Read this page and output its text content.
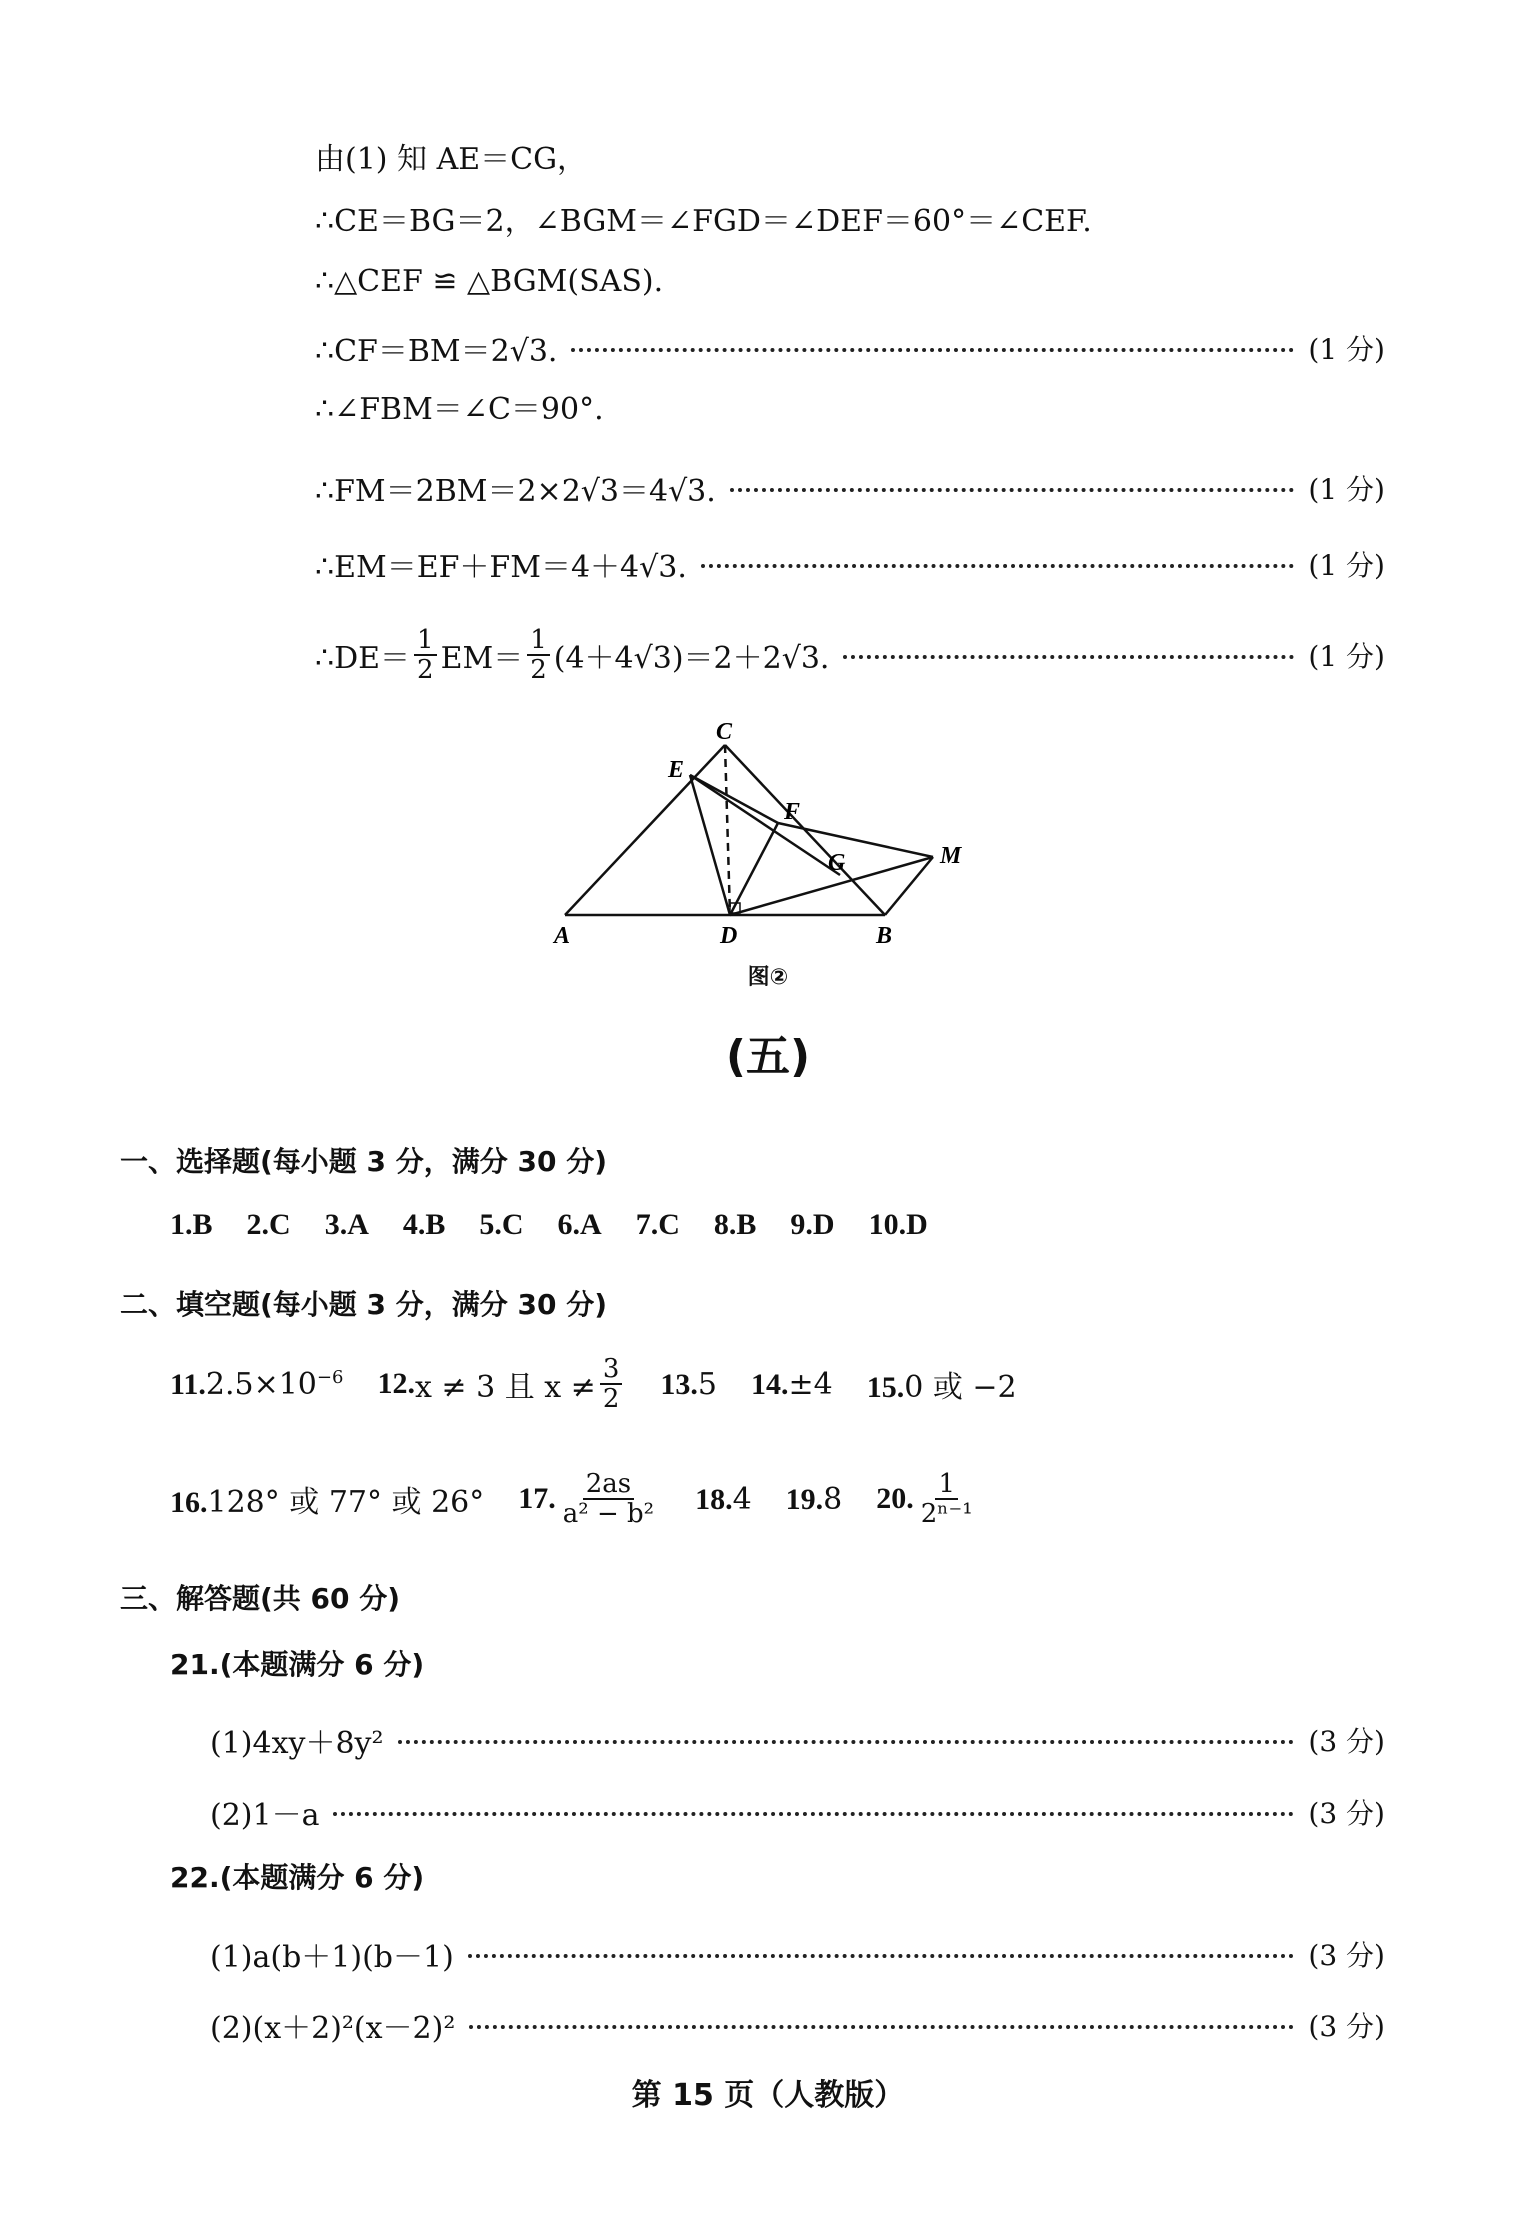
由(1) 知 AE＝CG，
∴CE＝BG＝2，∠BGM＝∠FGD＝∠DEF＝60°＝∠CEF.
∴△CEF ≌ △BGM(SAS).
∴CF＝BM＝2√3.	(1 分)
∴∠FBM＝∠C＝90°.
∴FM＝2BM＝2×2√3＝4√3.	(1 分)
∴EM＝EF＋FM＝4＋4√3.	(1 分)
∴DE＝ $\frac{1}{2} EM= \frac{1}{2} (4+4√3)=2+2√3$.	(1 分)
C
E
F
G	M
A	D	B
图②
(五)
一、选择题(每小题 3 分，满分 30 分)
1.B 2.C 3.A 4.B 5.C 6.A 7.C 8.B 9.D 10.D
二、填空题(每小题 3 分，满分 30 分)
$11.2.5\times 10^{-6}$ 12. x ≠ 3 且 $x \ne \frac{3}{2} 13.5$ 14.±4 15.0 或 −2
16.128° 或 77° 或 26° 17. $\frac{2as}{\text{a² − b²}} 18.4$ 19.8 20. $\frac{1}{\text{2ⁿ⁻¹}}$
三、解答题(共 60 分)
21.(本题满分 6 分)
(1)4xy＋8y²	(3 分)
(2)1－a	(3 分)
22.(本题满分 6 分)
(1)a(b＋1)(b－1)	(3 分)
(2)(x＋2)²(x－2)²	(3 分)
第 15 页（人教版）
